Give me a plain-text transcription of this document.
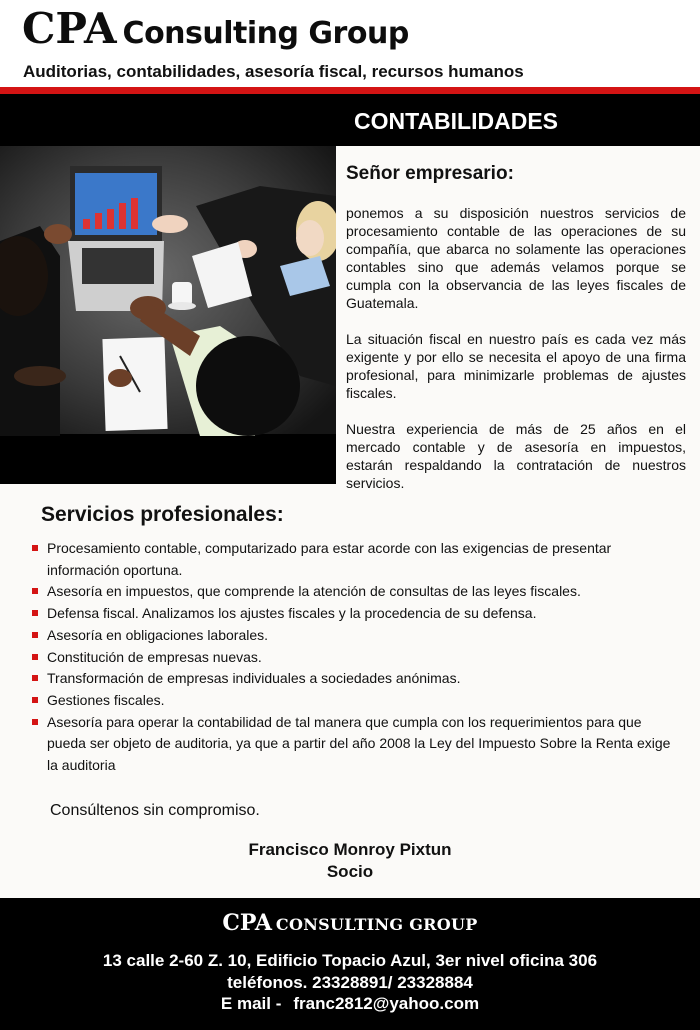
CPA Consulting Group
Auditorias, contabilidades, asesoría fiscal, recursos humanos
CONTABILIDADES
Señor empresario:

ponemos a su disposición nuestros servicios de procesamiento contable de las operaciones de su compañía, que abarca no solamente las operaciones contables sino que además velamos porque se cumpla con la observancia de las leyes fiscales de Guatemala.

La situación fiscal en nuestro país es cada vez más exigente y por ello se necesita el apoyo de una firma profesional, para minimizarle problemas de ajustes fiscales.

Nuestra experiencia de más de 25 años en el mercado contable y de asesoría en impuestos, estarán respaldando la contratación de nuestros servicios.

Servicios profesionales:
Procesamiento contable, computarizado para estar acorde con las exigencias de presentar información oportuna.
Asesoría en impuestos, que comprende la atención de consultas de las leyes fiscales.
Defensa fiscal. Analizamos los ajustes fiscales y la procedencia de su defensa.
Asesoría en obligaciones laborales.
Constitución de empresas nuevas.
Transformación de empresas individuales a sociedades anónimas.
Gestiones fiscales.
Asesoría para operar la contabilidad de tal manera que cumpla con los requerimientos para que pueda ser objeto de auditoria, ya que a partir del año 2008 la Ley del Impuesto Sobre la Renta exige la auditoria
Consúltenos sin compromiso.
Francisco Monroy Pixtun
Socio
CPA CONSULTING GROUP
13 calle 2-60 Z. 10, Edificio Topacio Azul, 3er nivel oficina 306
teléfonos. 23328891/ 23328884
E mail - franc2812@yahoo.com
